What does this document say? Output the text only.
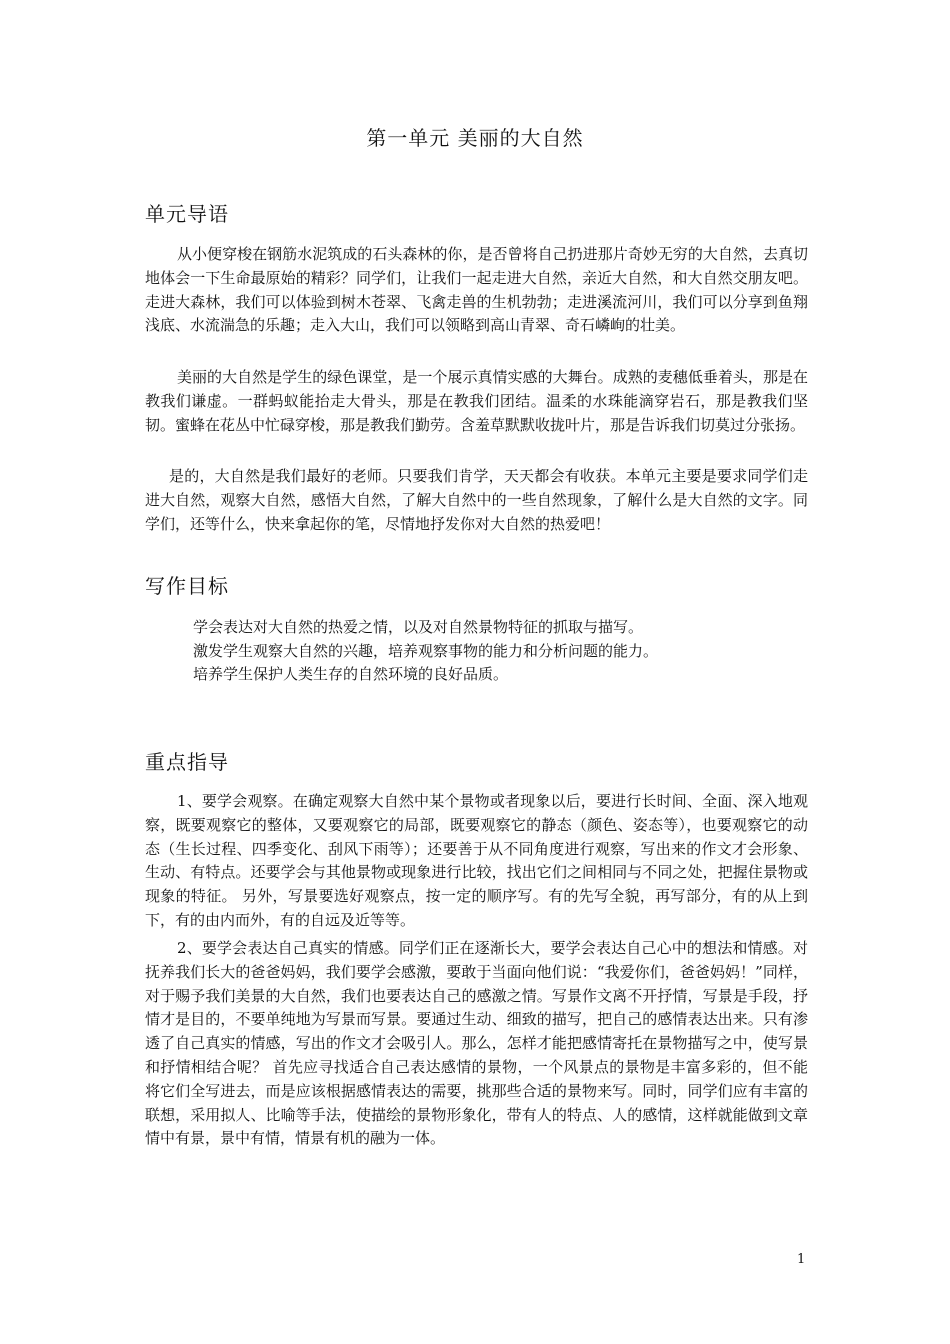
第一单元 美丽的大自然
单元导语

从小便穿梭在钢筋水泥筑成的石头森林的你，是否曾将自己扔进那片奇妙无穷的大自然，去真切地体会一下生命最原始的精彩？同学们，让我们一起走进大自然，亲近大自然，和大自然交朋友吧。走进大森林，我们可以体验到树木苍翠、飞禽走兽的生机勃勃；走进溪流河川，我们可以分享到鱼翔浅底、水流湍急的乐趣；走入大山，我们可以领略到高山青翠、奇石嶙峋的壮美。

美丽的大自然是学生的绿色课堂，是一个展示真情实感的大舞台。成熟的麦穗低垂着头，那是在教我们谦虚。一群蚂蚁能抬走大骨头，那是在教我们团结。温柔的水珠能滴穿岩石，那是教我们坚韧。蜜蜂在花丛中忙碌穿梭，那是教我们勤劳。含羞草默默收拢叶片，那是告诉我们切莫过分张扬。

是的，大自然是我们最好的老师。只要我们肯学，天天都会有收获。本单元主要是要求同学们走进大自然，观察大自然，感悟大自然，了解大自然中的一些自然现象，了解什么是大自然的文字。同学们，还等什么，快来拿起你的笔，尽情地抒发你对大自然的热爱吧！

写作目标
学会表达对大自然的热爱之情，以及对自然景物特征的抓取与描写。
激发学生观察大自然的兴趣，培养观察事物的能力和分析问题的能力。
培养学生保护人类生存的自然环境的良好品质。
重点指导

1、要学会观察。在确定观察大自然中某个景物或者现象以后，要进行长时间、全面、深入地观察，既要观察它的整体，又要观察它的局部，既要观察它的静态（颜色、姿态等），也要观察它的动态（生长过程、四季变化、刮风下雨等）；还要善于从不同角度进行观察，写出来的作文才会形象、生动、有特点。还要学会与其他景物或现象进行比较，找出它们之间相同与不同之处，把握住景物或现象的特征。 另外，写景要选好观察点，按一定的顺序写。有的先写全貌，再写部分，有的从上到下，有的由内而外，有的自远及近等等。

2、要学会表达自己真实的情感。同学们正在逐渐长大，要学会表达自己心中的想法和情感。对抚养我们长大的爸爸妈妈，我们要学会感激，要敢于当面向他们说：“我爱你们，爸爸妈妈！”同样，对于赐予我们美景的大自然，我们也要表达自己的感激之情。写景作文离不开抒情，写景是手段，抒情才是目的，不要单纯地为写景而写景。要通过生动、细致的描写，把自己的感情表达出来。只有渗透了自己真实的情感，写出的作文才会吸引人。那么，怎样才能把感情寄托在景物描写之中，使写景和抒情相结合呢？ 首先应寻找适合自己表达感情的景物，一个风景点的景物是丰富多彩的，但不能将它们全写进去，而是应该根据感情表达的需要，挑那些合适的景物来写。同时，同学们应有丰富的联想，采用拟人、比喻等手法，使描绘的景物形象化，带有人的特点、人的感情，这样就能做到文章情中有景，景中有情，情景有机的融为一体。

1
